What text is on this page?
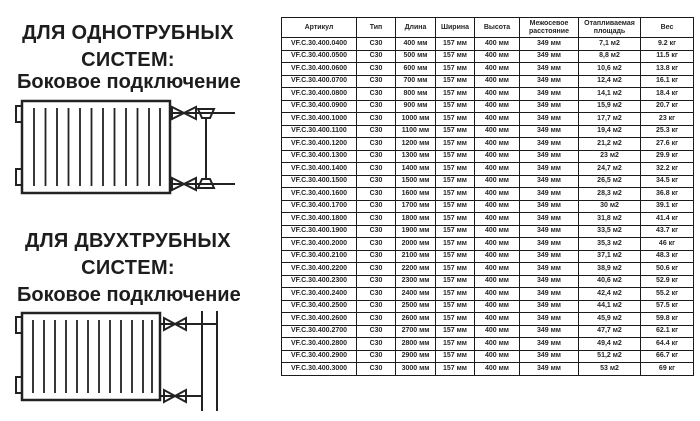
ДЛЯ ОДНОТРУБНЫХ СИСТЕМ:
Боковое подключение
ДЛЯ ДВУХТРУБНЫХ СИСТЕМ:
Боковое подключение
Артикул	Тип	Длина	Ширина	Высота	Межосевое расстояние	Отапливаемая площадь	Вес
VF.C.30.400.0400	C30	400 мм	157 мм	400 мм	349 мм	7,1 м2	9.2 кг
VF.C.30.400.0500	C30	500 мм	157 мм	400 мм	349 мм	8,8 м2	11.5 кг
VF.C.30.400.0600	C30	600 мм	157 мм	400 мм	349 мм	10,6 м2	13.8 кг
VF.C.30.400.0700	C30	700 мм	157 мм	400 мм	349 мм	12,4 м2	16.1 кг
VF.C.30.400.0800	C30	800 мм	157 мм	400 мм	349 мм	14,1 м2	18.4 кг
VF.C.30.400.0900	C30	900 мм	157 мм	400 мм	349 мм	15,9 м2	20.7 кг
VF.C.30.400.1000	C30	1000 мм	157 мм	400 мм	349 мм	17,7 м2	23 кг
VF.C.30.400.1100	C30	1100 мм	157 мм	400 мм	349 мм	19,4 м2	25.3 кг
VF.C.30.400.1200	C30	1200 мм	157 мм	400 мм	349 мм	21,2 м2	27.6 кг
VF.C.30.400.1300	C30	1300 мм	157 мм	400 мм	349 мм	23 м2	29.9 кг
VF.C.30.400.1400	C30	1400 мм	157 мм	400 мм	349 мм	24,7 м2	32.2 кг
VF.C.30.400.1500	C30	1500 мм	157 мм	400 мм	349 мм	26,5 м2	34.5 кг
VF.C.30.400.1600	C30	1600 мм	157 мм	400 мм	349 мм	28,3 м2	36.8 кг
VF.C.30.400.1700	C30	1700 мм	157 мм	400 мм	349 мм	30 м2	39.1 кг
VF.C.30.400.1800	C30	1800 мм	157 мм	400 мм	349 мм	31,8 м2	41.4 кг
VF.C.30.400.1900	C30	1900 мм	157 мм	400 мм	349 мм	33,5 м2	43.7 кг
VF.C.30.400.2000	C30	2000 мм	157 мм	400 мм	349 мм	35,3 м2	46 кг
VF.C.30.400.2100	C30	2100 мм	157 мм	400 мм	349 мм	37,1 м2	48.3 кг
VF.C.30.400.2200	C30	2200 мм	157 мм	400 мм	349 мм	38,9 м2	50.6 кг
VF.C.30.400.2300	C30	2300 мм	157 мм	400 мм	349 мм	40,6 м2	52.9 кг
VF.C.30.400.2400	C30	2400 мм	157 мм	400 мм	349 мм	42,4 м2	55.2 кг
VF.C.30.400.2500	C30	2500 мм	157 мм	400 мм	349 мм	44,1 м2	57.5 кг
VF.C.30.400.2600	C30	2600 мм	157 мм	400 мм	349 мм	45,9 м2	59.8 кг
VF.C.30.400.2700	C30	2700 мм	157 мм	400 мм	349 мм	47,7 м2	62.1 кг
VF.C.30.400.2800	C30	2800 мм	157 мм	400 мм	349 мм	49,4 м2	64.4 кг
VF.C.30.400.2900	C30	2900 мм	157 мм	400 мм	349 мм	51,2 м2	66.7 кг
VF.C.30.400.3000	C30	3000 мм	157 мм	400 мм	349 мм	53 м2	69 кг
